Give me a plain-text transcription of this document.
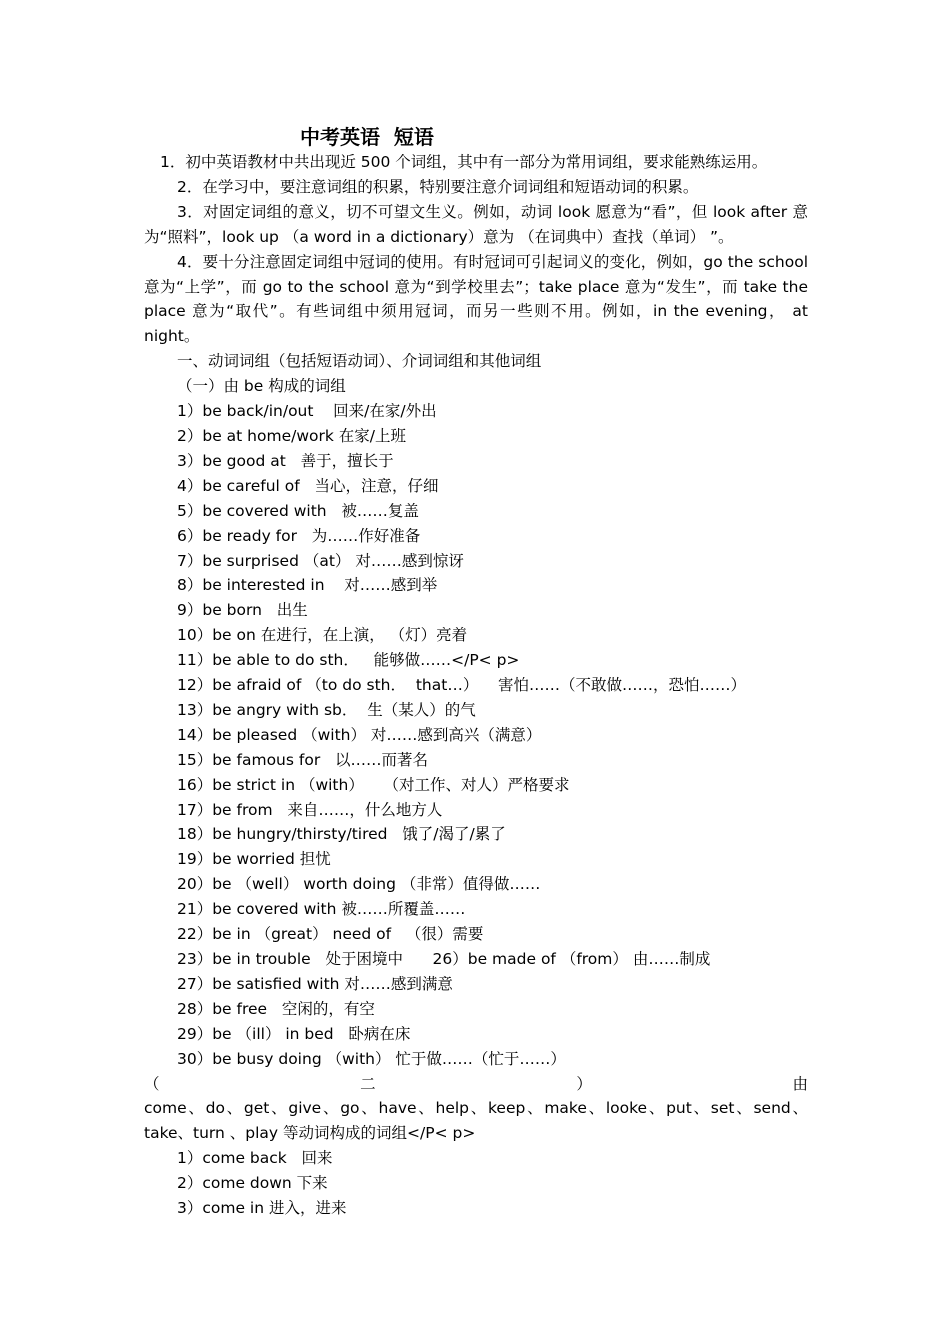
中考英语  短语

1．初中英语教材中共出现近 500 个词组，其中有一部分为常用词组，要求能熟练运用。

2．在学习中，要注意词组的积累，特别要注意介词词组和短语动词的积累。

3．对固定词组的意义，切不可望文生义。例如，动词 look 愿意为“看”，但 look after 意为“照料”，look up （a word in a dictionary）意为 （在词典中）查找（单词） ”。

4．要十分注意固定词组中冠词的使用。有时冠词可引起词义的变化，例如，go the school 意为“上学”，而 go to the school 意为“到学校里去”；take place 意为“发生”，而 take the place 意为“取代”。有些词组中须用冠词，而另一些则不用。例如，in the evening， at night。

一、动词词组（包括短语动词）、介词词组和其他词组

（一）由 be 构成的词组

1）be back/in/out    回来/在家/外出

2）be at home/work 在家/上班

3）be good at   善于，擅长于

4）be careful of   当心，注意，仔细

5）be covered with   被……复盖

6）be ready for   为……作好准备

7）be surprised （at） 对……感到惊讶

8）be interested in    对……感到举

9）be born   出生

10）be on 在进行，在上演， （灯）亮着

11）be able to do sth．   能够做……</P< p>

12）be afraid of （to do sth．  that…）    害怕……（不敢做……，恐怕……）

13）be angry with sb．  生（某人）的气

14）be pleased （with） 对……感到高兴（满意）

15）be famous for   以……而著名

16）be strict in （with）    （对工作、对人）严格要求

17）be from   来自……，什么地方人

18）be hungry/thirsty/tired   饿了/渴了/累了

19）be worried 担忧

20）be （well） worth doing （非常）值得做……

21）be covered with 被……所覆盖……

22）be in （great） need of   （很）需要

23）be in trouble   处于困境中      26）be made of （from） 由……制成

27）be satisfied with 对……感到满意

28）be free   空闲的，有空

29）be （ill） in bed   卧病在床

30）be busy doing （with） 忙于做……（忙于……）

（ 二 ） 由

come、do、get、give、go、have、help、keep、make、looke、put、set、send、take、turn 、play 等动词构成的词组</P< p>

1）come back   回来

2）come down 下来

3）come in 进入，进来
